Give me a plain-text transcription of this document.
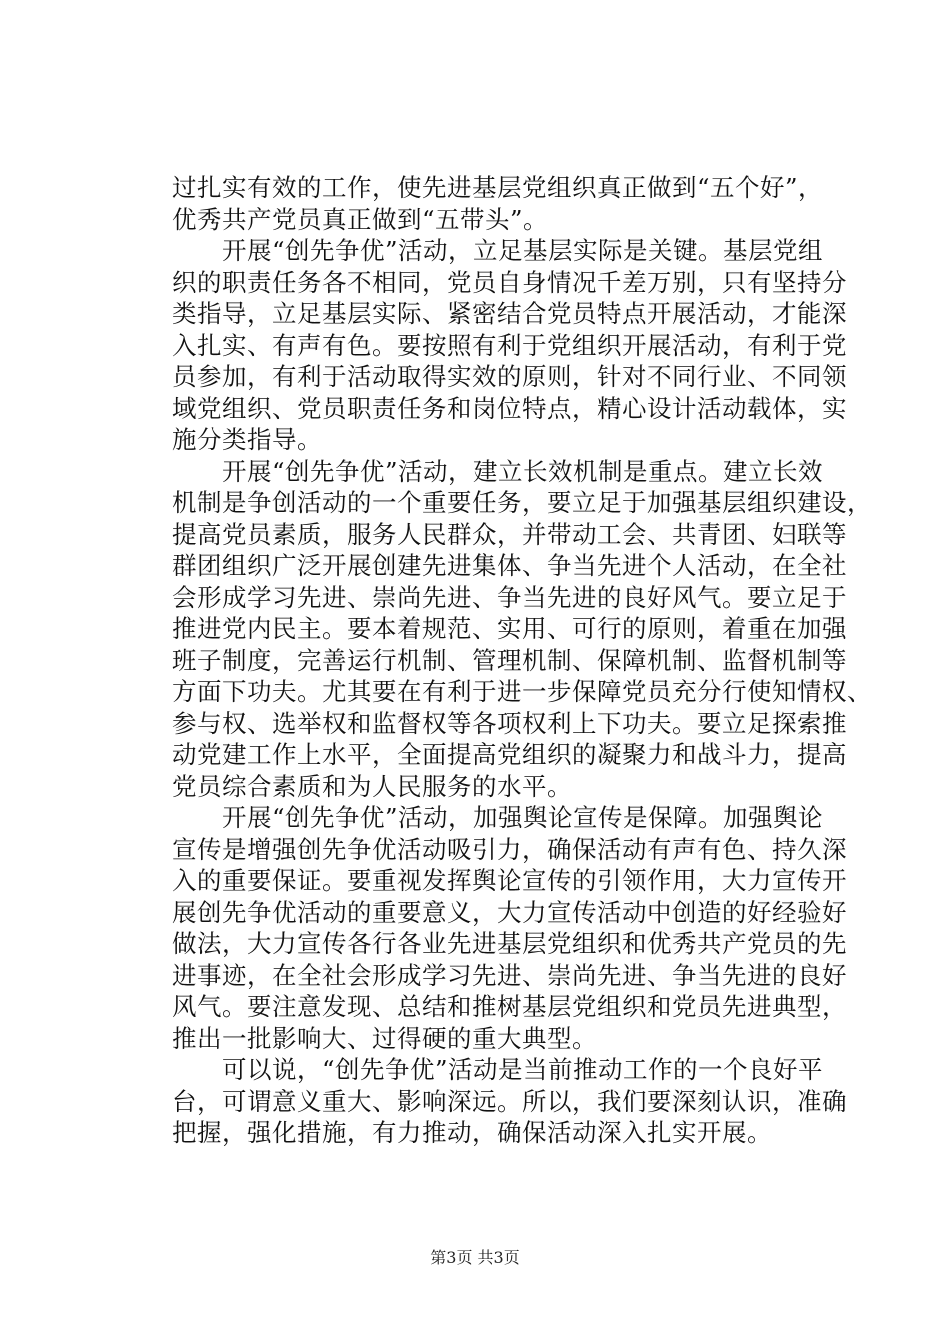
过扎实有效的工作，使先进基层党组织真正做到“五个好”，
优秀共产党员真正做到“五带头”。
　　开展“创先争优”活动，立足基层实际是关键。基层党组
织的职责任务各不相同，党员自身情况千差万别，只有坚持分
类指导，立足基层实际、紧密结合党员特点开展活动，才能深
入扎实、有声有色。要按照有利于党组织开展活动，有利于党
员参加，有利于活动取得实效的原则，针对不同行业、不同领
域党组织、党员职责任务和岗位特点，精心设计活动载体，实
施分类指导。
　　开展“创先争优”活动，建立长效机制是重点。建立长效
机制是争创活动的一个重要任务，要立足于加强基层组织建设，
提高党员素质，服务人民群众，并带动工会、共青团、妇联等
群团组织广泛开展创建先进集体、争当先进个人活动，在全社
会形成学习先进、崇尚先进、争当先进的良好风气。要立足于
推进党内民主。要本着规范、实用、可行的原则，着重在加强
班子制度，完善运行机制、管理机制、保障机制、监督机制等
方面下功夫。尤其要在有利于进一步保障党员充分行使知情权、
参与权、选举权和监督权等各项权利上下功夫。要立足探索推
动党建工作上水平，全面提高党组织的凝聚力和战斗力，提高
党员综合素质和为人民服务的水平。
　　开展“创先争优”活动，加强舆论宣传是保障。加强舆论
宣传是增强创先争优活动吸引力，确保活动有声有色、持久深
入的重要保证。要重视发挥舆论宣传的引领作用，大力宣传开
展创先争优活动的重要意义，大力宣传活动中创造的好经验好
做法，大力宣传各行各业先进基层党组织和优秀共产党员的先
进事迹，在全社会形成学习先进、崇尚先进、争当先进的良好
风气。要注意发现、总结和推树基层党组织和党员先进典型，
推出一批影响大、过得硬的重大典型。
　　可以说，“创先争优”活动是当前推动工作的一个良好平
台，可谓意义重大、影响深远。所以，我们要深刻认识，准确
把握，强化措施，有力推动，确保活动深入扎实开展。
第3页 共3页
